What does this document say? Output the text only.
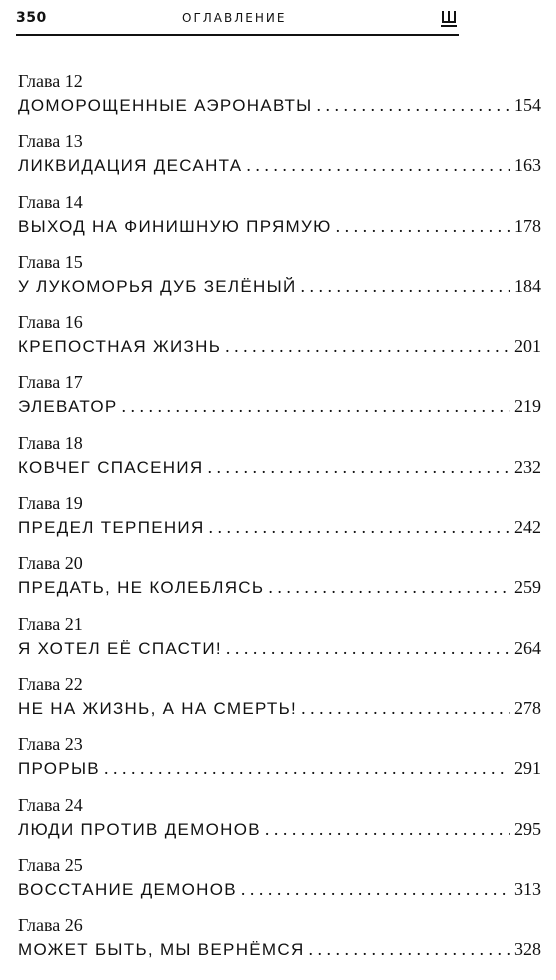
350	ОГЛАВЛЕНИЕ
Глава 12
ДОМОРОЩЕННЫЕ АЭРОНАВТЫ . . .	154
Глава 13
ЛИКВИДАЦИЯ ДЕСАНТА . . .	163
Глава 14
ВЫХОД НА ФИНИШНУЮ ПРЯМУЮ . . .	178
Глава 15
У ЛУКОМОРЬЯ ДУБ ЗЕЛЁНЫЙ . . .	184
Глава 16
КРЕПОСТНАЯ ЖИЗНЬ . . .	201
Глава 17
ЭЛЕВАТОР . . .	219
Глава 18
КОВЧЕГ СПАСЕНИЯ . . .	232
Глава 19
ПРЕДЕЛ ТЕРПЕНИЯ . . .	242
Глава 20
ПРЕДАТЬ, НЕ КОЛЕБЛЯСЬ . . .	259
Глава 21
Я ХОТЕЛ ЕЁ СПАСТИ! . . .	264
Глава 22
НЕ НА ЖИЗНЬ, А НА СМЕРТЬ! . . .	278
Глава 23
ПРОРЫВ . . .	291
Глава 24
ЛЮДИ ПРОТИВ ДЕМОНОВ . . .	295
Глава 25
ВОССТАНИЕ ДЕМОНОВ . . .	313
Глава 26
МОЖЕТ БЫТЬ, МЫ ВЕРНЁМСЯ . . .	328
